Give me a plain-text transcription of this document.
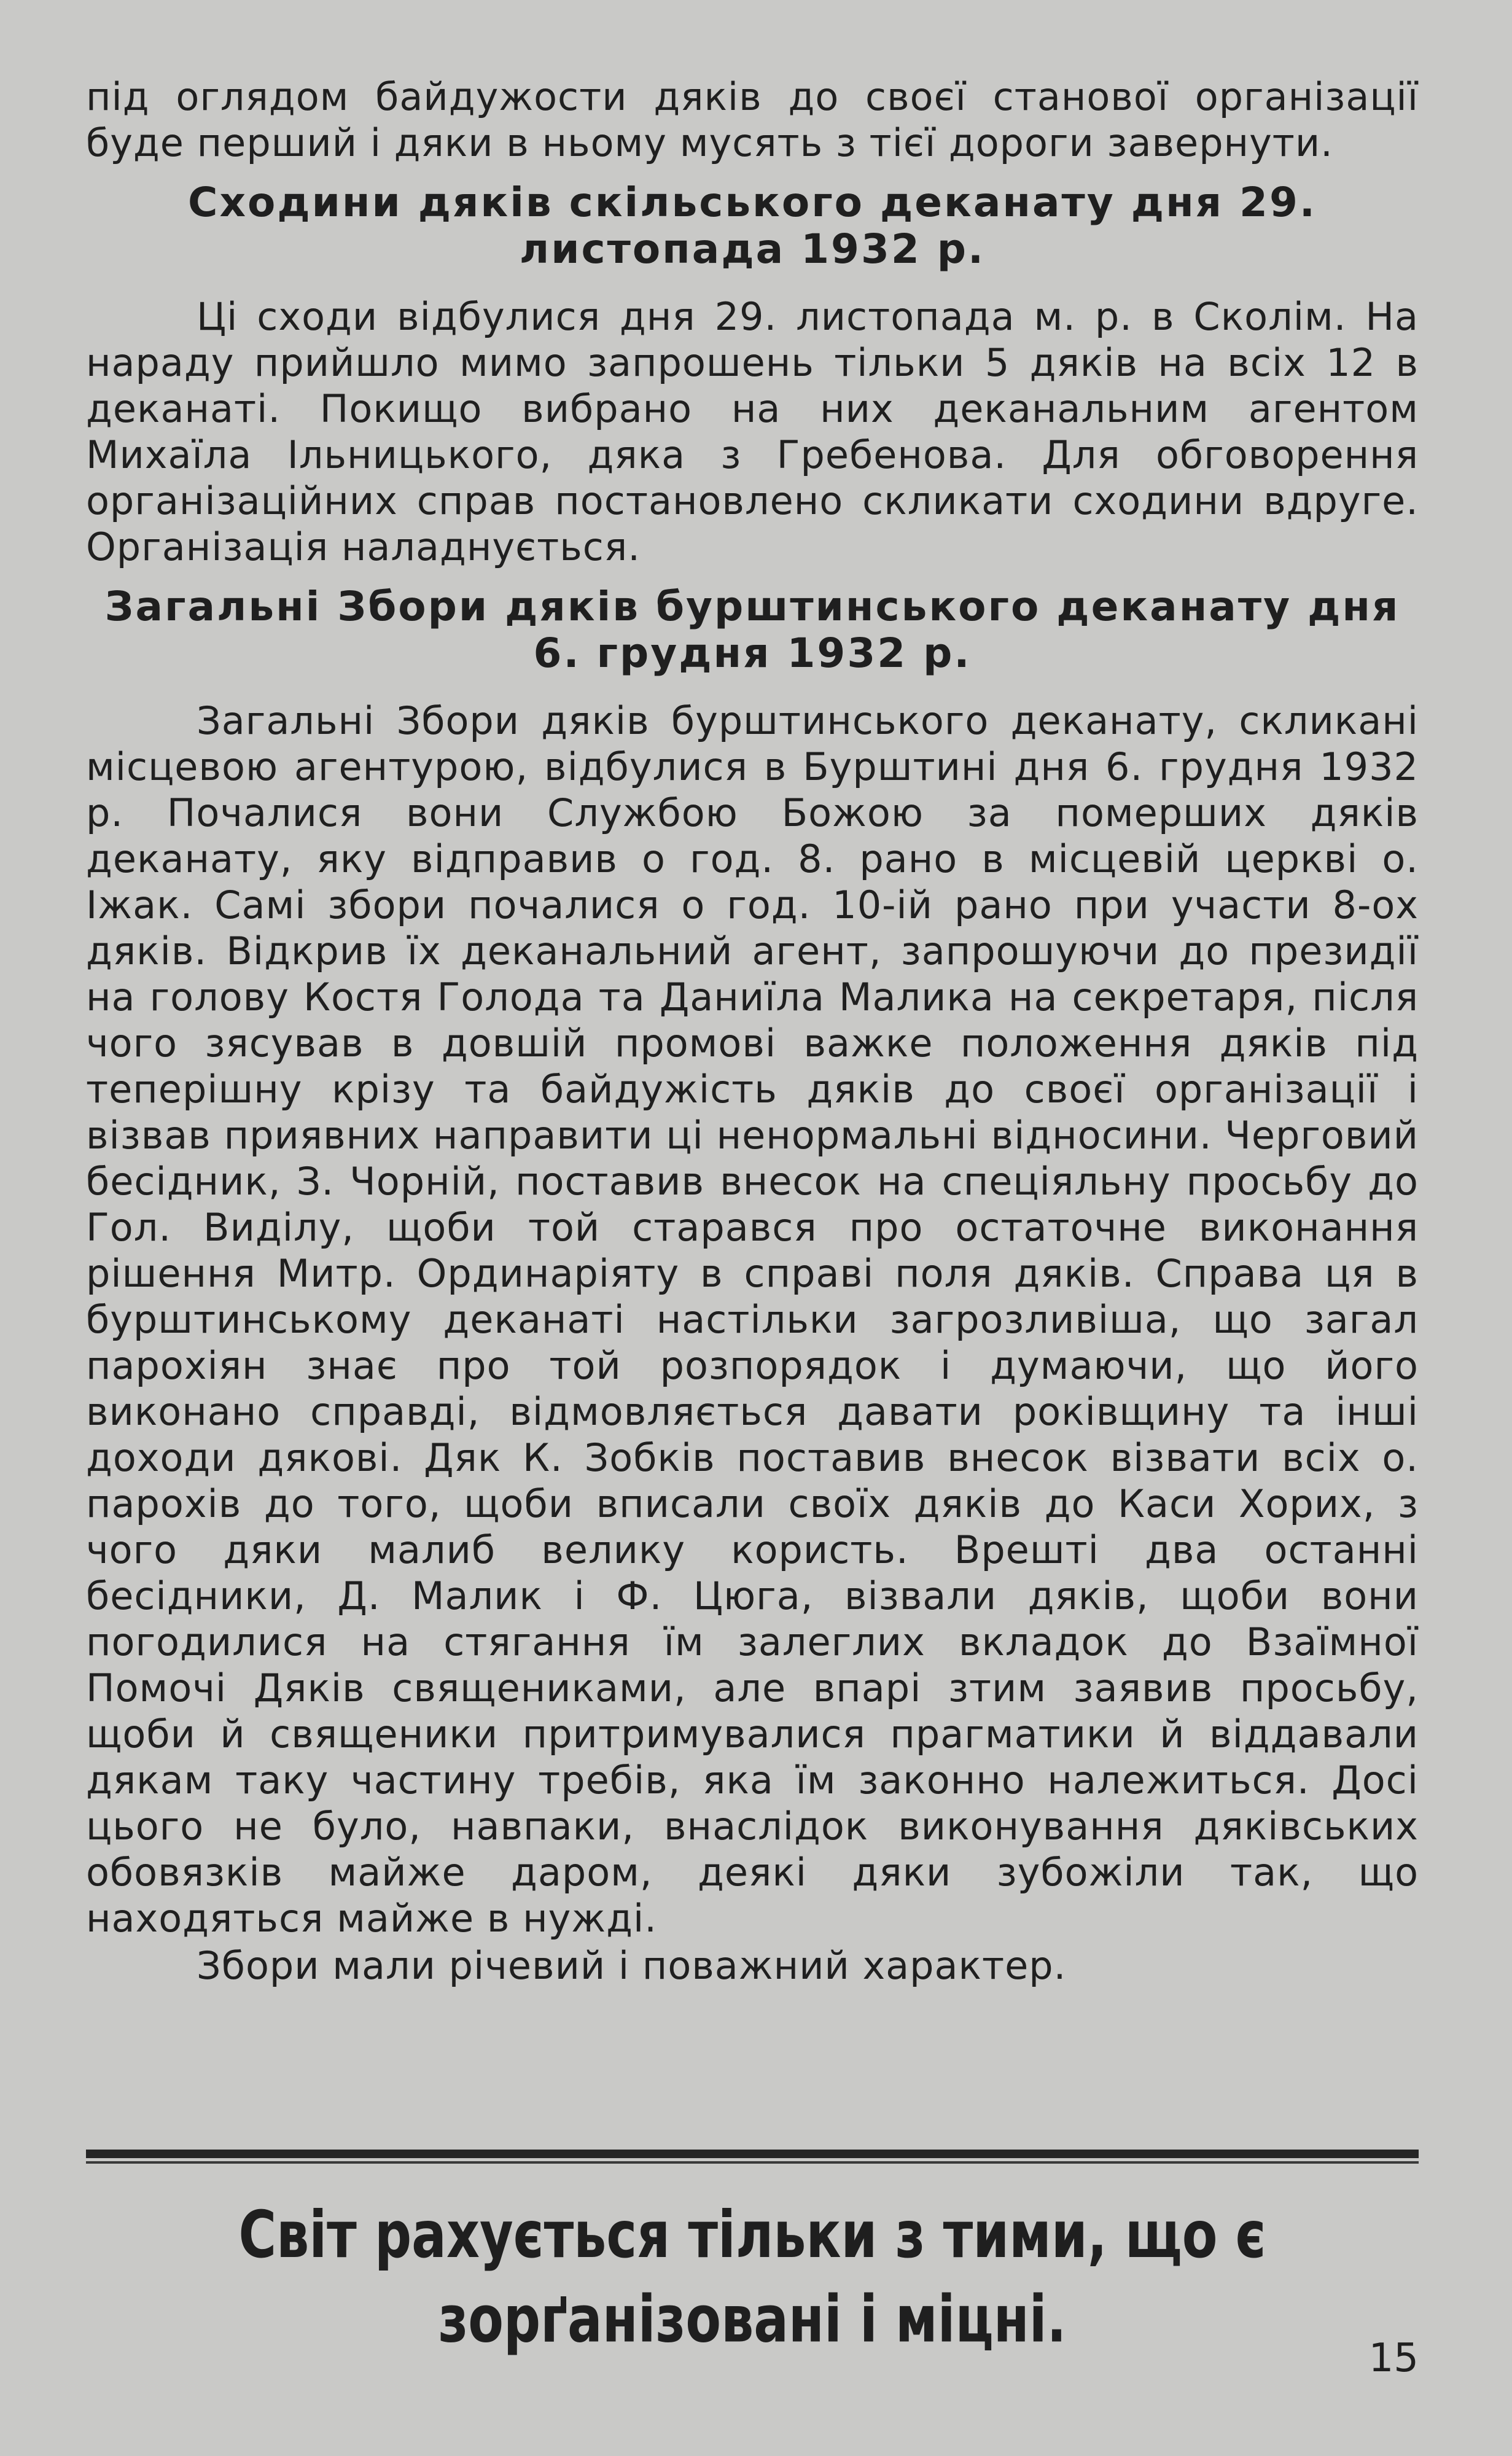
під оглядом байдужости дяків до своєї станової організації буде перший і дяки в ньому мусять з тієї дороги завернути.

Сходини дяків скільського деканату дня 29. листопада 1932 р.

Ці сходи відбулися дня 29. листопада м. р. в Сколім. На нараду прийшло мимо запрошень тільки 5 дяків на всіх 12 в деканаті. Покищо вибрано на них деканальним агентом Михаїла Ільницького, дяка з Гребенова. Для обговорення організаційних справ постановлено скликати сходини вдруге. Організація наладнується.

Загальні Збори дяків бурштинського деканату дня 6. грудня 1932 р.

Загальні Збори дяків бурштинського деканату, скликані місцевою агентурою, відбулися в Бурштині дня 6. грудня 1932 р. Почалися вони Службою Божою за померших дяків деканату, яку відправив о год. 8. рано в місцевій церкві о. Іжак. Самі збори почалися о год. 10-ій рано при участи 8-ох дяків. Відкрив їх деканальний агент, запрошуючи до президії на голову Костя Голода та Даниїла Малика на секретаря, після чого зясував в довшій промові важке положення дяків під теперішну крізу та байдужість дяків до своєї організації і візвав приявних направити ці ненормальні відносини. Черговий бесідник, З. Чорній, поставив внесок на спеціяльну просьбу до Гол. Виділу, щоби той старався про остаточне виконання рішення Митр. Ординаріяту в справі поля дяків. Справа ця в бурштинському деканаті настільки загрозливіша, що загал парохіян знає про той розпорядок і думаючи, що його виконано справді, відмовляється давати роківщину та інші доходи дякові. Дяк К. Зобків поставив внесок візвати всіх о. парохів до того, щоби вписали своїх дяків до Каси Хорих, з чого дяки малиб велику користь. Врешті два останні бесідники, Д. Малик і Ф. Цюга, візвали дяків, щоби вони погодилися на стягання їм залеглих вкладок до Взаїмної Помочі Дяків священиками, але впарі зтим заявив просьбу, щоби й священики притримувалися прагматики й віддавали дякам таку частину требів, яка їм законно належиться. Досі цього не було, навпаки, внаслідок виконування дяківських обовязків майже даром, деякі дяки зубожіли так, що находяться майже в нужді.

Збори мали річевий і поважний характер.

Світ рахується тільки з тими, що є зорґанізовані і міцні.
15
